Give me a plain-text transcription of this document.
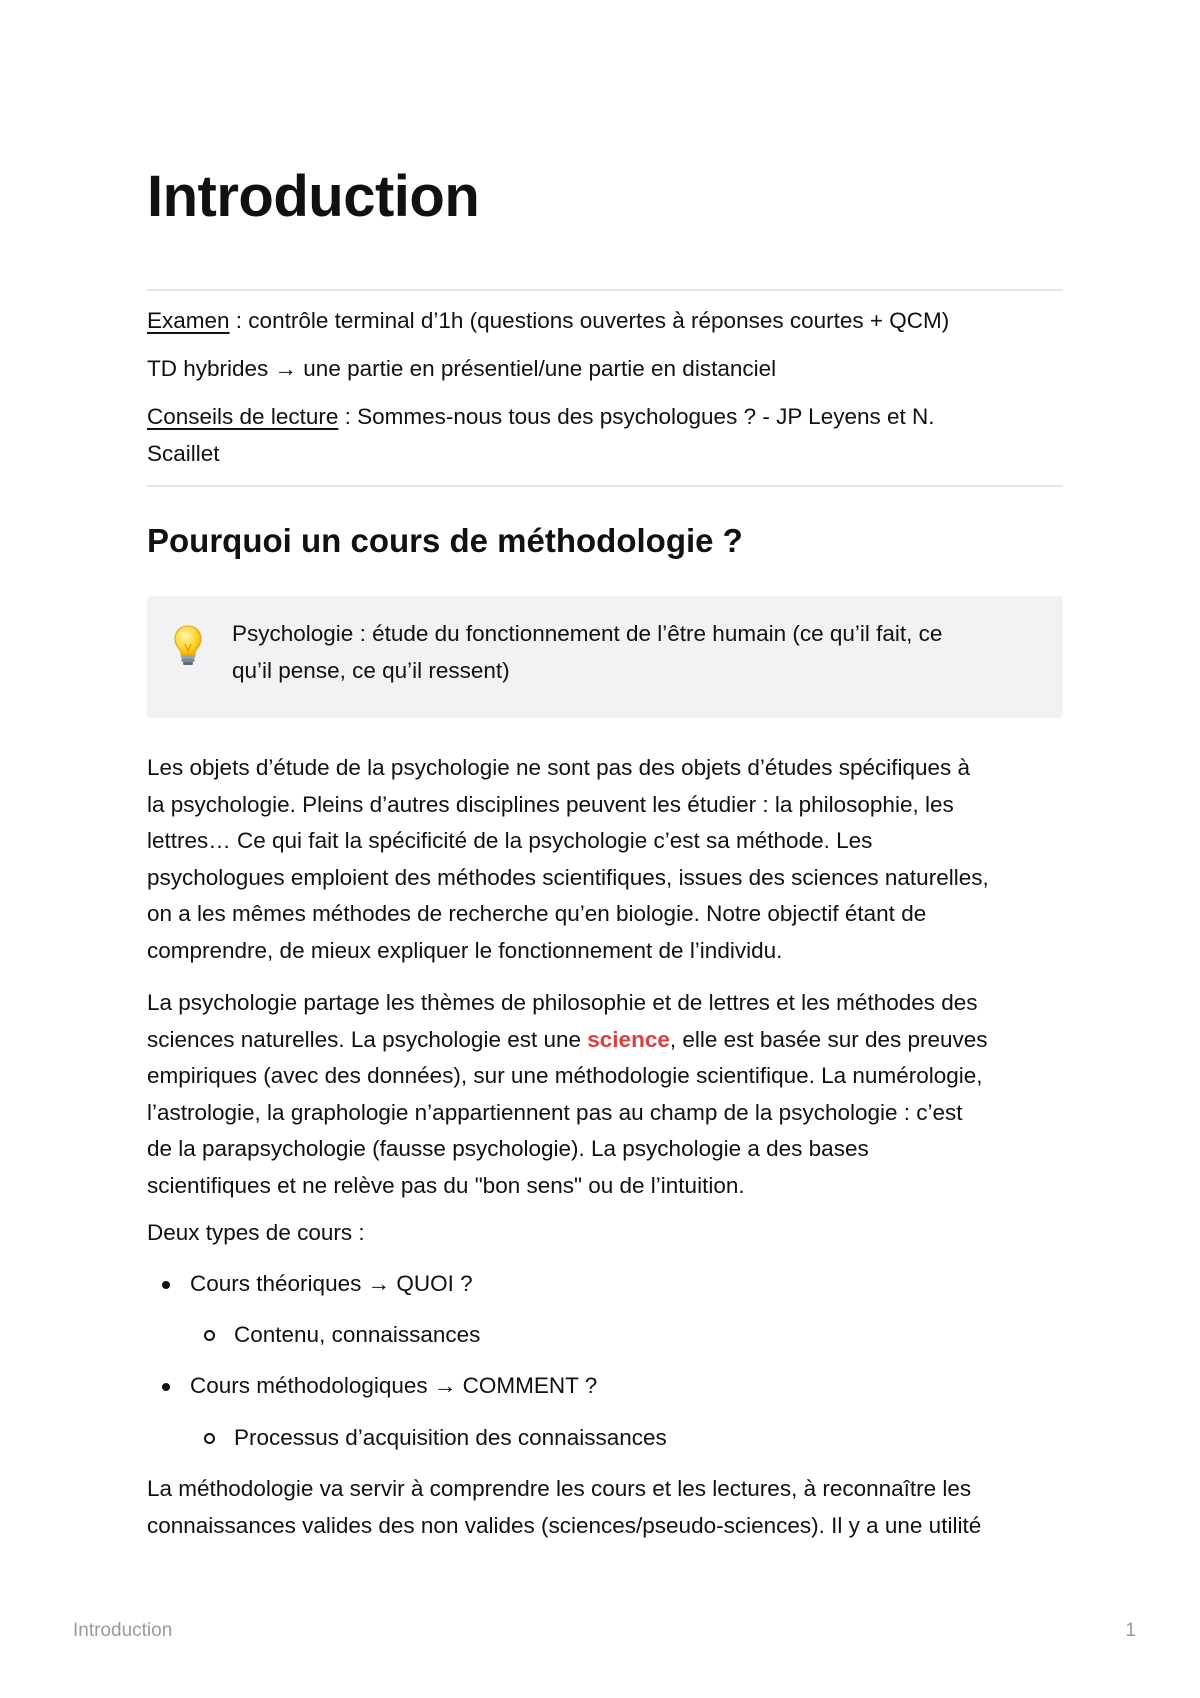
Introduction

Examen : contrôle terminal d’1h (questions ouvertes à réponses courtes + QCM)

TD hybrides → une partie en présentiel/une partie en distanciel

Conseils de lecture : Sommes-nous tous des psychologues ? - JP Leyens et N.
Scaillet

Pourquoi un cours de méthodologie ?

Psychologie : étude du fonctionnement de l’être humain (ce qu’il fait, ce
qu’il pense, ce qu’il ressent)

Les objets d’étude de la psychologie ne sont pas des objets d’études spécifiques à
la psychologie. Pleins d’autres disciplines peuvent les étudier : la philosophie, les
lettres… Ce qui fait la spécificité de la psychologie c’est sa méthode. Les
psychologues emploient des méthodes scientifiques, issues des sciences naturelles,
on a les mêmes méthodes de recherche qu’en biologie. Notre objectif étant de
comprendre, de mieux expliquer le fonctionnement de l’individu.

La psychologie partage les thèmes de philosophie et de lettres et les méthodes des
sciences naturelles. La psychologie est une science, elle est basée sur des preuves
empiriques (avec des données), sur une méthodologie scientifique. La numérologie,
l’astrologie, la graphologie n’appartiennent pas au champ de la psychologie : c’est
de la parapsychologie (fausse psychologie). La psychologie a des bases
scientifiques et ne relève pas du "bon sens" ou de l’intuition.

Deux types de cours :

Cours théoriques → QUOI ?

Contenu, connaissances

Cours méthodologiques → COMMENT ?

Processus d’acquisition des connaissances

La méthodologie va servir à comprendre les cours et les lectures, à reconnaître les
connaissances valides des non valides (sciences/pseudo-sciences). Il y a une utilité

Introduction	1
